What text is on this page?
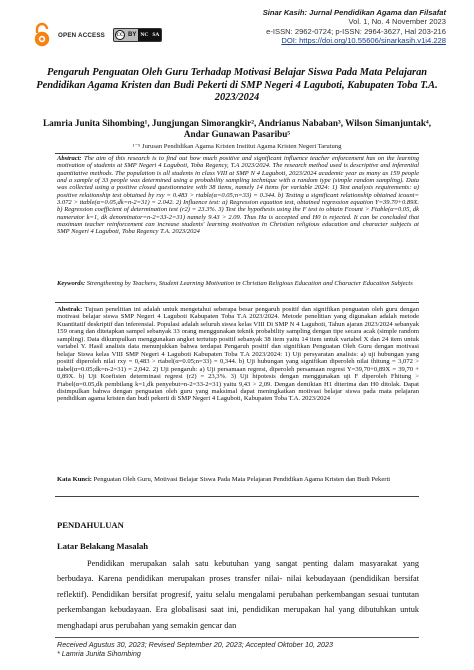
OPEN ACCESS CC BY NC SA
Sinar Kasih: Jurnal Pendidikan Agama dan Filsafat
Vol. 1, No. 4 November 2023
e-ISSN: 2962-0724; p-ISSN: 2964-3627, Hal 203-216
DOI: https://doi.org/10.55606/sinarkasih.v1i4.228
Pengaruh Penguatan Oleh Guru Terhadap Motivasi Belajar Siswa Pada Mata Pelajaran Pendidikan Agama Kristen dan Budi Pekerti di SMP Negeri 4 Laguboti, Kabupaten Toba T.A. 2023/2024
Lamria Junita Sihombing¹, Jungjungan Simorangkir², Andrianus Nababan³, Wilson Simanjuntak⁴, Andar Gunawan Pasaribu⁵
¹⁻⁵ Jurusan Pendidikan Agama Kristen Institut Agama Kristen Negeri Tarutung
Abstract: The aim of this research is to find out how much positive and significant influence teacher enforcement has on the learning motivation of students at SMP Negeri 4 Laguboti, Toba Regency, T.A 2023/2024. The research method used is descriptive and inferential quantitative methods. The population is all students in class VIII at SMP N 4 Laguboti, 2023/2024 academic year as many as 159 people and a sample of 33 people was determined using a probability sampling technique with a random type (simple random sampling). Data was collected using a positive closed questionnaire with 38 items, namely 14 items for variable 2024: 1) Test analysis requirements: a) positive relationship test obtained by rxy = 0.483 > rtable(α=0.05;n=33) = 0.344. b) Testing a significant relationship obtained tcount= 3.072 > ttable(α=0.05,dk=n-2=31) = 2.042. 2) Influence test: a) Regression equation test, obtained regression equation Y=39.70+0.89X. b) Regression coefficient of determination test (r2) = 23.3%. 3) Test the hypothesis using the F test to obtain Fcount > Ftable(α=0.05, dk numerator k=1, dk denominator=n-2=33-2=31) namely 9.43 > 2.09. Thus Ha is accepted and H0 is rejected. It can be concluded that maximum teacher reinforcement can increase students' learning motivation in Christian religious education and character subjects at SMP Negeri 4 Laguboti, Toba Regency T.A. 2023/2024
Keywords: Strengthening by Teachers, Student Learning Motivation in Christian Religious Education and Character Education Subjects
Abstrak: Tujuan penelitian ini adalah untuk mengetahui seberapa besar pengaruh positif dan signifikan penguatan oleh guru dengan motivasi belajar siswa SMP Negeri 4 Laguboti Kabupaten Toba T.A 2023/2024. Metode penelitian yang digunakan adalah metode Kuantitatif deskriptif dan inferensial. Populasi adalah seluruh siswa kelas VIII Di SMP N 4 Laguboti, Tahun ajaran 2023/2024 sebanyak 159 orang dan ditetapkan sampel sebanyak 33 orang menggunakan teknik probability sampling dengan tipe secara acak (simple random sampling). Data dikumpulkan menggunakan angket tertutup positif sebanyak 38 item yaitu 14 item untuk variabel X dan 24 item untuk variabel Y. Hasil analisis data menunjukkan bahwa terdapat Pengaruh positif dan signifikan Penguatan Oleh Guru dengan motivasi belajar Siswa kelas VIII SMP Negeri 4 Laguboti Kabupaten Toba T.A 2023/2024: 1) Uji persyaratan analisis: a) uji hubungan yang positif diperoleh nilai rxy = 0,483 > rtabel(α=0.05;n=33) = 0,344. b) Uji hubungan yang signifikan diperoleh nilai thitung = 3,072 > ttabel(α=0.05;dk=n-2=31) = 2,042. 2) Uji pengaruh: a) Uji persamaan regresi, diperoleh persamaan regresi Y=39,70+0,89X = 39,70 + 0,89X. b) Uji Koefisien determinasi regresi (r2) = 23,3%. 3) Uji hipotesis dengan menggunakan uji F diperoleh Fhitung > Ftabel(α=0.05,dk pembilang k=1,dk penyebut=n-2=33-2=31) yaitu 9,43 > 2,09. Dengan demikian H1 diterima dan H0 ditolak. Dapat disimpulkan bahwa dengan penguatan oleh guru yang maksimal dapat meningkatkan motivasi belajar siswa pada mata pelajaran pendidikan agama kristen dan budi pekerti di SMP Negeri 4 Laguboti, Kabupaten Toba T.A. 2023/2024
Kata Kunci: Penguatan Oleh Guru, Motivasi Belajar Siswa Pada Mata Pelajaran Pendidikan Agama Kristen dan Budi Pekerti
PENDAHULUAN
Latar Belakang Masalah
Pendidikan merupakan salah satu kebutuhan yang sangat penting dalam masyarakat yang berbudaya. Karena pendidikan merupakan proses transfer nilai- nilai kebudayaan (pendidikan bersifat reflektif). Pendidikan bersifat progresif, yaitu selalu mengalami perubahan perkembangan sesuai tuntutan perkembangan kebudayaan. Era globalisasi saat ini, pendidikan merupakan hal yang dibutuhkan untuk menghadapi arus perubahan yang semakin gencar dan
Received Agustus 30, 2023; Revised September 20, 2023; Accepted Oktober 10, 2023
* Lamria Junita Sihombing
